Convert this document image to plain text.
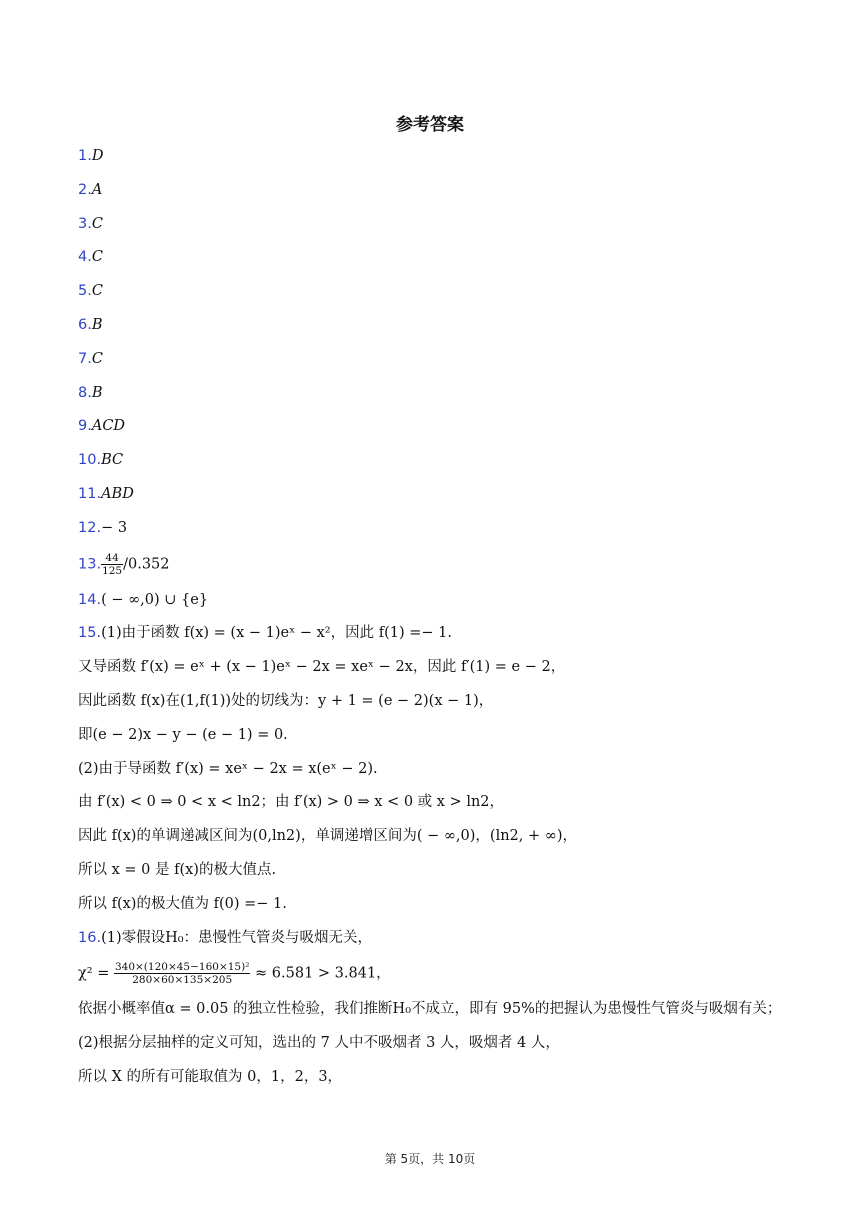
参考答案
1.D
2.A
3.C
4.C
5.C
6.B
7.C
8.B
9.ACD
10.BC
11.ABD
12.− 3
13. $\frac{44}{125} /0.352$
14.( − ∞,0) ∪ {e}
15.(1)由于函数 f(x) = (x − 1)eˣ − x²，因此 f(1) =− 1.
又导函数 f′(x) = eˣ + (x − 1)eˣ − 2x = xeˣ − 2x，因此 f′(1) = e − 2，
因此函数 f(x)在(1,f(1))处的切线为：y + 1 = (e − 2)(x − 1)，
即(e − 2)x − y − (e − 1) = 0.
(2)由于导函数 f′(x) = xeˣ − 2x = x(eˣ − 2).
由 f′(x) < 0 ⇒ 0 < x < ln2；由 f′(x) > 0 ⇒ x < 0 或 x > ln2，
因此 f(x)的单调递减区间为(0,ln2)，单调递增区间为( − ∞,0)，(ln2, + ∞)，
所以 x = 0 是 f(x)的极大值点.
所以 f(x)的极大值为 f(0) =− 1.
16.(1)零假设H₀：患慢性气管炎与吸烟无关，
$\chi^2 = \frac{\text{340×(120×45−160×15)²}}{280\times 60\times 135\times 205} \approx 6.581 > 3.841$，
依据小概率值α = 0.05 的独立性检验，我们推断H₀不成立，即有 95%的把握认为患慢性气管炎与吸烟有关；
(2)根据分层抽样的定义可知，选出的 7 人中不吸烟者 3 人，吸烟者 4 人，
所以 X 的所有可能取值为 0，1，2，3，
第 5页，共 10页
